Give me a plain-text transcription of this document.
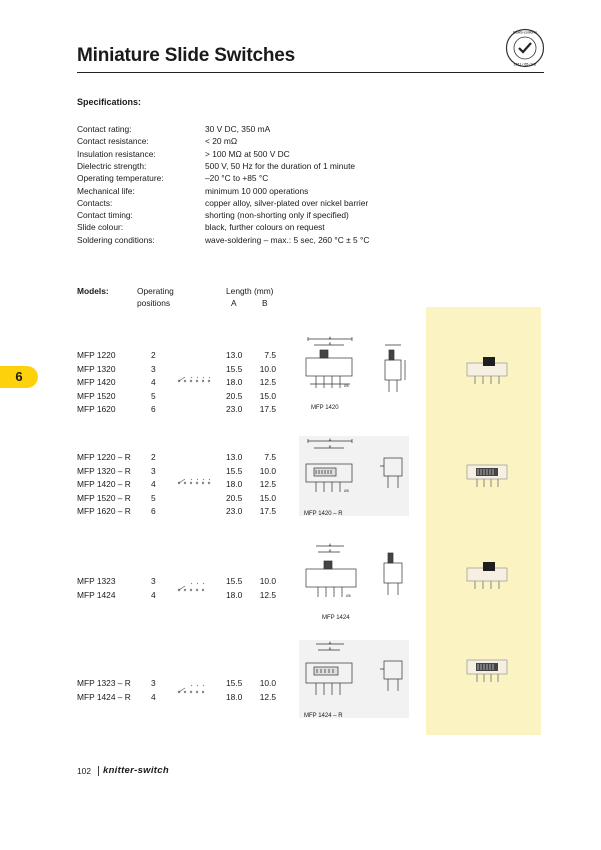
Miniature Slide Switches
RoHS-conform
2011 / 65 / EU
6
Specifications:
Contact rating:	30 V DC, 350 mA
Contact resistance:	< 20 mΩ
Insulation resistance:	> 100 MΩ at 500 V DC
Dielectric strength:	500 V, 50 Hz for the duration of 1 minute
Operating temperature:	–20 °C to +85 °C
Mechanical life:	minimum 10 000 operations
Contacts:	copper alloy, silver-plated over nickel barrier
Contact timing:	shorting (non-shorting only if specified)
Slide colour:	black, further colours on request
Soldering conditions:	wave-soldering – max.: 5 sec, 260 °C ± 5 °C
Models:	Operating
positions
Length (mm)
A	B
MFP 1220	2	13.0	7.5
MFP 1320	3	15.5 10.0
MFP 1420	4	18.0 12.5
MFP 1520	5	20.5 15.0
MFP 1620	6	23.0 17.5
MFP 1220 – R 2	13.0	7.5
MFP 1320 – R 3	15.5 10.0
MFP 1420 – R 4	18.0 12.5
MFP 1520 – R 5	20.5 15.0
MFP 1620 – R 6	23.0 17.5
MFP 1323	3	15.5 10.0
MFP 1424	4	18.0 12.5
MFP 1323 – R 3	15.5 10.0
MFP 1424 – R 4	18.0 12.5
A
B
Ø6
MFP 1420
A
B
Ø8
MFP 1420 – R
A
B
Ø8
MFP 1424
A
B
MFP 1424 – R
102 knitter-switch
